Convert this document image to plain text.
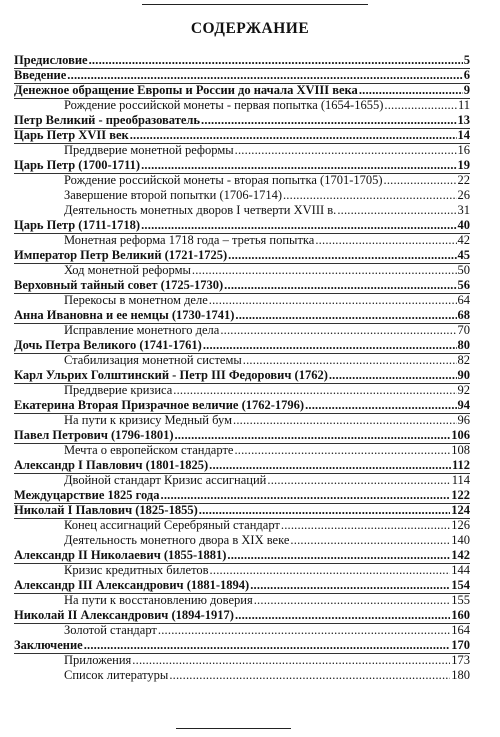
СОДЕРЖАНИЕ
Предисловие .....	5
Введение .....	6
Денежное обращение Европы и России до начала XVIII века .....	9
Рождение российской монеты - первая попытка (1654-1655) .....	11
Петр Великий - преобразователь .....	13
Царь Петр XVII век .....	14
Преддверие монетной реформы .....	16
Царь Петр (1700-1711) .....	19
Рождение российской монеты - вторая попытка (1701-1705) .....	22
Завершение второй попытки (1706-1714) .....	26
Деятельность монетных дворов I четверти XVIII в. .....	31
Царь Петр (1711-1718) .....	40
Монетная реформа 1718 года – третья попытка .....	42
Император Петр Великий (1721-1725) .....	45
Ход монетной реформы .....	50
Верховный тайный совет (1725-1730) .....	56
Перекосы в монетном деле .....	64
Анна Ивановна и ее немцы (1730-1741) .....	68
Исправление монетного дела .....	70
Дочь Петра Великого (1741-1761) .....	80
Стабилизация монетной системы .....	82
Карл Ульрих Голштинский - Петр III Федорович (1762) .....	90
Преддверие кризиса .....	92
Екатерина Вторая Призрачное величие (1762-1796) .....	94
На пути к кризису Медный бум .....	96
Павел Петрович (1796-1801) .....	106
Мечта о европейском стандарте .....	108
Александр I Павлович (1801-1825) .....	112
Двойной стандарт Кризис ассигнаций .....	114
Междуцарствие 1825 года .....	122
Николай I Павлович (1825-1855) .....	124
Конец ассигнаций Серебряный стандарт .....	126
Деятельность монетного двора в XIX веке .....	140
Александр II Николаевич (1855-1881) .....	142
Кризис кредитных билетов .....	144
Александр III Александрович (1881-1894) .....	154
На пути к восстановлению доверия .....	155
Николай II Александрович (1894-1917) .....	160
Золотой стандарт .....	164
Заключение .....	170
Приложения .....	173
Список литературы .....	180
